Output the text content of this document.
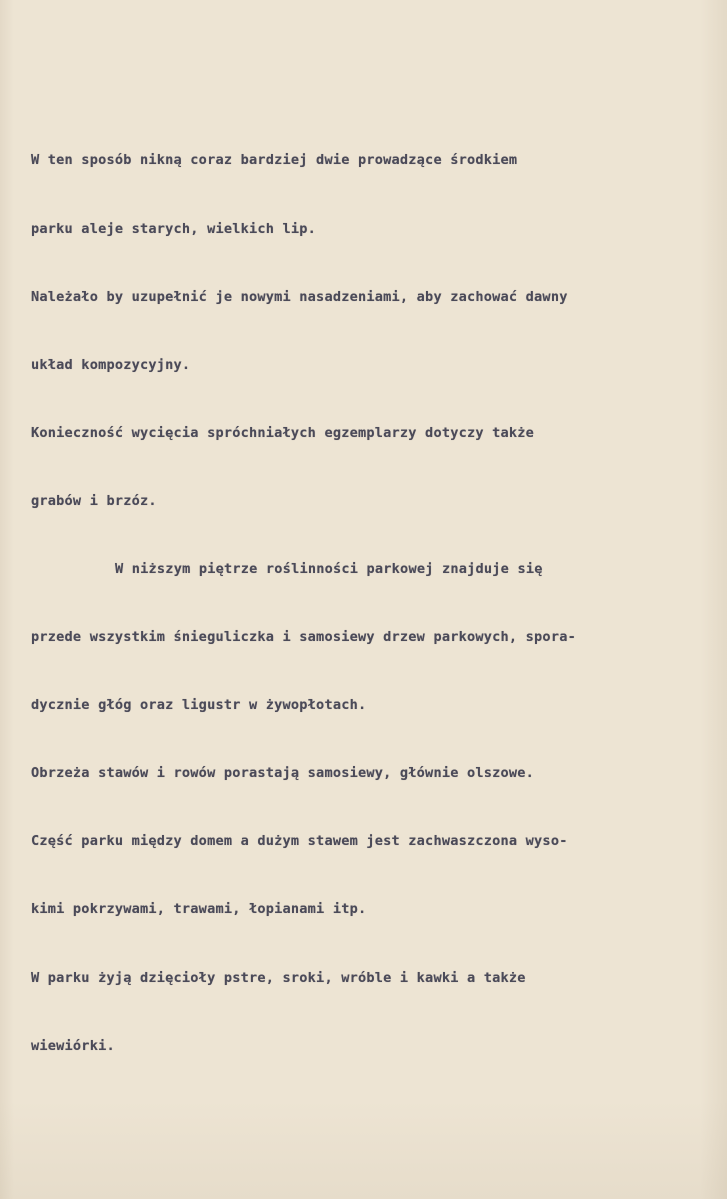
W ten sposób nikną coraz bardziej dwie prowadzące środkiem

parku aleje starych, wielkich lip.

Należało by uzupełnić je nowymi nasadzeniami, aby zachować dawny

układ kompozycyjny.

Konieczność wycięcia spróchniałych egzemplarzy dotyczy także

grabów i brzóz.

W niższym piętrze roślinności parkowej znajduje się

przede wszystkim śnieguliczka i samosiewy drzew parkowych, spora-

dycznie głóg oraz ligustr w żywopłotach.

Obrzeża stawów i rowów porastają samosiewy, głównie olszowe.

Część parku między domem a dużym stawem jest zachwaszczona wyso-

kimi pokrzywami, trawami, łopianami itp.

W parku żyją dzięcioły pstre, sroki, wróble i kawki a także

wiewiórki.
